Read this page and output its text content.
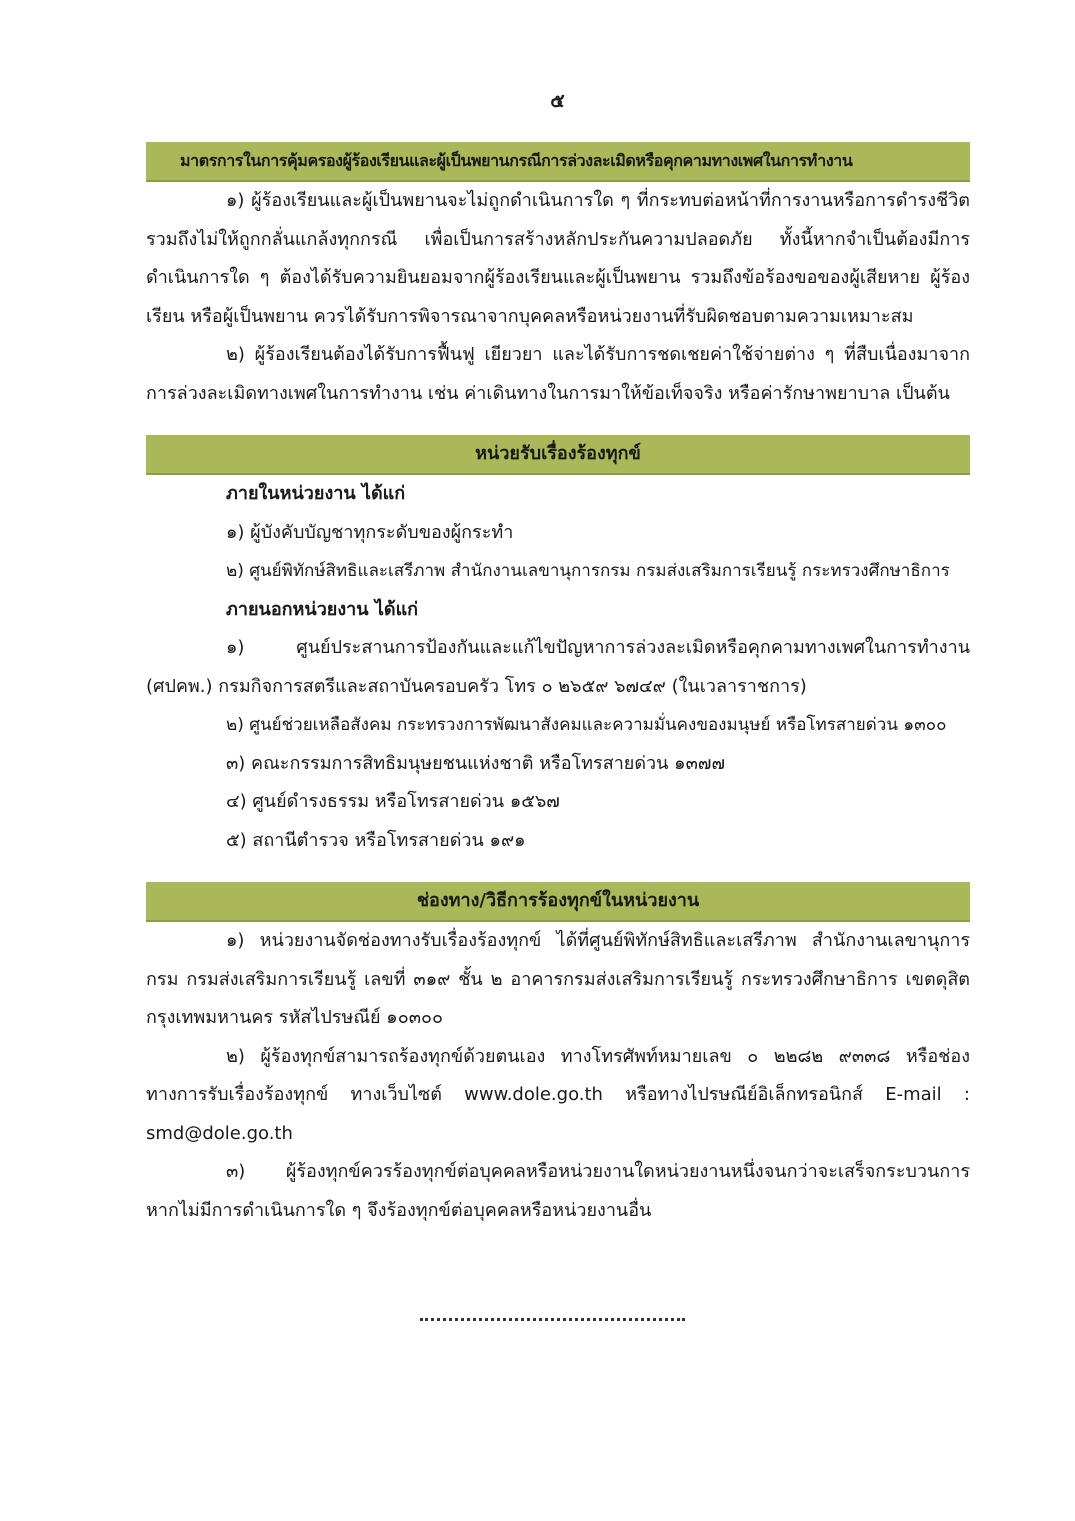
๕
มาตรการในการคุ้มครองผู้ร้องเรียนและผู้เป็นพยานกรณีการล่วงละเมิดหรือคุกคามทางเพศในการทำงาน

๑) ผู้ร้องเรียนและผู้เป็นพยานจะไม่ถูกดำเนินการใด ๆ ที่กระทบต่อหน้าที่การงานหรือการดำรงชีวิต รวมถึงไม่ให้ถูกกลั่นแกล้งทุกกรณี เพื่อเป็นการสร้างหลักประกันความปลอดภัย ทั้งนี้หากจำเป็นต้องมีการดำเนินการใด ๆ ต้องได้รับความยินยอมจากผู้ร้องเรียนและผู้เป็นพยาน รวมถึงข้อร้องขอของผู้เสียหาย ผู้ร้องเรียน หรือผู้เป็นพยาน ควรได้รับการพิจารณาจากบุคคลหรือหน่วยงานที่รับผิดชอบตามความเหมาะสม

๒) ผู้ร้องเรียนต้องได้รับการฟื้นฟู เยียวยา และได้รับการชดเชยค่าใช้จ่ายต่าง ๆ ที่สืบเนื่องมาจากการล่วงละเมิดทางเพศในการทำงาน เช่น ค่าเดินทางในการมาให้ข้อเท็จจริง หรือค่ารักษาพยาบาล เป็นต้น

หน่วยรับเรื่องร้องทุกข์

ภายในหน่วยงาน ได้แก่

๑) ผู้บังคับบัญชาทุกระดับของผู้กระทำ

๒) ศูนย์พิทักษ์สิทธิและเสรีภาพ สำนักงานเลขานุการกรม กรมส่งเสริมการเรียนรู้ กระทรวงศึกษาธิการ

ภายนอกหน่วยงาน ได้แก่

๑) ศูนย์ประสานการป้องกันและแก้ไขปัญหาการล่วงละเมิดหรือคุกคามทางเพศในการทำงาน (ศปคพ.) กรมกิจการสตรีและสถาบันครอบครัว โทร ๐ ๒๖๕๙ ๖๗๔๙ (ในเวลาราชการ)

๒) ศูนย์ช่วยเหลือสังคม กระทรวงการพัฒนาสังคมและความมั่นคงของมนุษย์ หรือโทรสายด่วน ๑๓๐๐

๓) คณะกรรมการสิทธิมนุษยชนแห่งชาติ หรือโทรสายด่วน ๑๓๗๗

๔) ศูนย์ดำรงธรรม หรือโทรสายด่วน ๑๕๖๗

๕) สถานีตำรวจ หรือโทรสายด่วน ๑๙๑

ช่องทาง/วิธีการร้องทุกข์ในหน่วยงาน

๑) หน่วยงานจัดช่องทางรับเรื่องร้องทุกข์ ได้ที่ศูนย์พิทักษ์สิทธิและเสรีภาพ สำนักงานเลขานุการกรม กรมส่งเสริมการเรียนรู้ เลขที่ ๓๑๙ ชั้น ๒ อาคารกรมส่งเสริมการเรียนรู้ กระทรวงศึกษาธิการ เขตดุสิต กรุงเทพมหานคร รหัสไปรษณีย์ ๑๐๓๐๐

๒) ผู้ร้องทุกข์สามารถร้องทุกข์ด้วยตนเอง ทางโทรศัพท์หมายเลข ๐ ๒๒๘๒ ๙๓๓๘ หรือช่องทางการรับเรื่องร้องทุกข์ ทางเว็บไซต์ www.dole.go.th หรือทางไปรษณีย์อิเล็กทรอนิกส์ E-mail : smd@dole.go.th

๓) ผู้ร้องทุกข์ควรร้องทุกข์ต่อบุคคลหรือหน่วยงานใดหน่วยงานหนึ่งจนกว่าจะเสร็จกระบวนการ หากไม่มีการดำเนินการใด ๆ จึงร้องทุกข์ต่อบุคคลหรือหน่วยงานอื่น
